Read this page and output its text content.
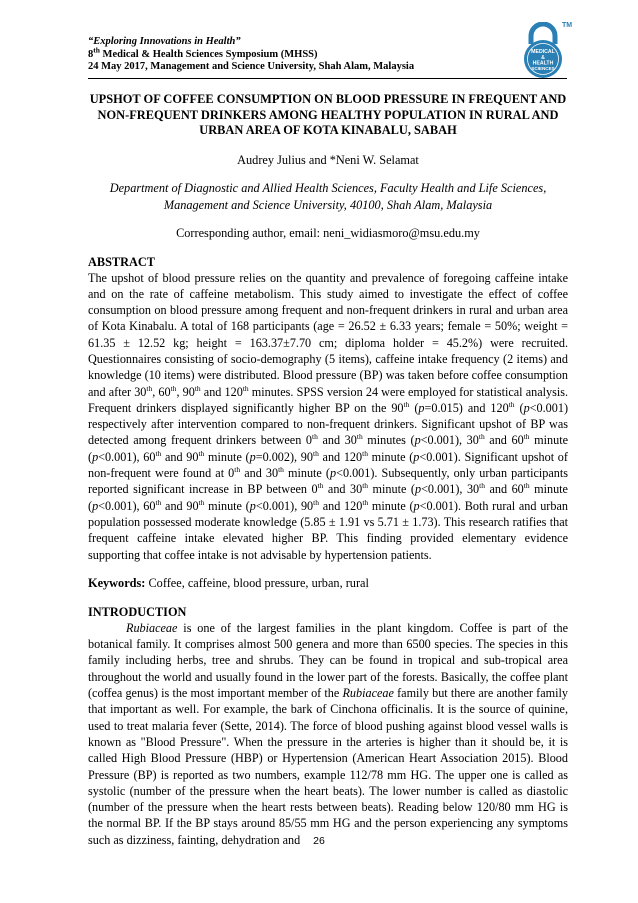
“Exploring Innovations in Health”
8th Medical & Health Sciences Symposium (MHSS)
24 May 2017, Management and Science University, Shah Alam, Malaysia
MEDICAL
&
HEALTH
SCIENCES
TM

UPSHOT OF COFFEE CONSUMPTION ON BLOOD PRESSURE IN FREQUENT AND NON-FREQUENT DRINKERS AMONG HEALTHY POPULATION IN RURAL AND URBAN AREA OF KOTA KINABALU, SABAH

Audrey Julius and *Neni W. Selamat
Department of Diagnostic and Allied Health Sciences, Faculty Health and Life Sciences, Management and Science University, 40100, Shah Alam, Malaysia
Corresponding author, email: neni_widiasmoro@msu.edu.my
ABSTRACT

The upshot of blood pressure relies on the quantity and prevalence of foregoing caffeine intake and on the rate of caffeine metabolism. This study aimed to investigate the effect of coffee consumption on blood pressure among frequent and non-frequent drinkers in rural and urban area of Kota Kinabalu. A total of 168 participants (age = 26.52 ± 6.33 years; female = 50%; weight = 61.35 ± 12.52 kg; height = 163.37±7.70 cm; diploma holder = 45.2%) were recruited. Questionnaires consisting of socio-demography (5 items), caffeine intake frequency (2 items) and knowledge (10 items) were distributed. Blood pressure (BP) was taken before coffee consumption and after 30th, 60th, 90th and 120th minutes. SPSS version 24 were employed for statistical analysis. Frequent drinkers displayed significantly higher BP on the 90th (p=0.015) and 120th (p<0.001) respectively after intervention compared to non-frequent drinkers. Significant upshot of BP was detected among frequent drinkers between 0th and 30th minutes (p<0.001), 30th and 60th minute (p<0.001), 60th and 90th minute (p=0.002), 90th and 120th minute (p<0.001). Significant upshot of non-frequent were found at 0th and 30th minute (p<0.001). Subsequently, only urban participants reported significant increase in BP between 0th and 30th minute (p<0.001), 30th and 60th minute (p<0.001), 60th and 90th minute (p<0.001), 90th and 120th minute (p<0.001). Both rural and urban population possessed moderate knowledge (5.85 ± 1.91 vs 5.71 ± 1.73). This research ratifies that frequent caffeine intake elevated higher BP. This finding provided elementary evidence supporting that coffee intake is not advisable by hypertension patients.

Keywords: Coffee, caffeine, blood pressure, urban, rural
INTRODUCTION

Rubiaceae is one of the largest families in the plant kingdom. Coffee is part of the botanical family. It comprises almost 500 genera and more than 6500 species. The species in this family including herbs, tree and shrubs. They can be found in tropical and sub-tropical area throughout the world and usually found in the lower part of the forests. Basically, the coffee plant (coffea genus) is the most important member of the Rubiaceae family but there are another family that important as well. For example, the bark of Cinchona officinalis. It is the source of quinine, used to treat malaria fever (Sette, 2014). The force of blood pushing against blood vessel walls is known as "Blood Pressure". When the pressure in the arteries is higher than it should be, it is called High Blood Pressure (HBP) or Hypertension (American Heart Association 2015). Blood Pressure (BP) is reported as two numbers, example 112/78 mm HG. The upper one is called as systolic (number of the pressure when the heart beats). The lower number is called as diastolic (number of the pressure when the heart rests between beats). Reading below 120/80 mm HG is the normal BP. If the BP stays around 85/55 mm HG and the person experiencing any symptoms such as dizziness, fainting, dehydration and	26
